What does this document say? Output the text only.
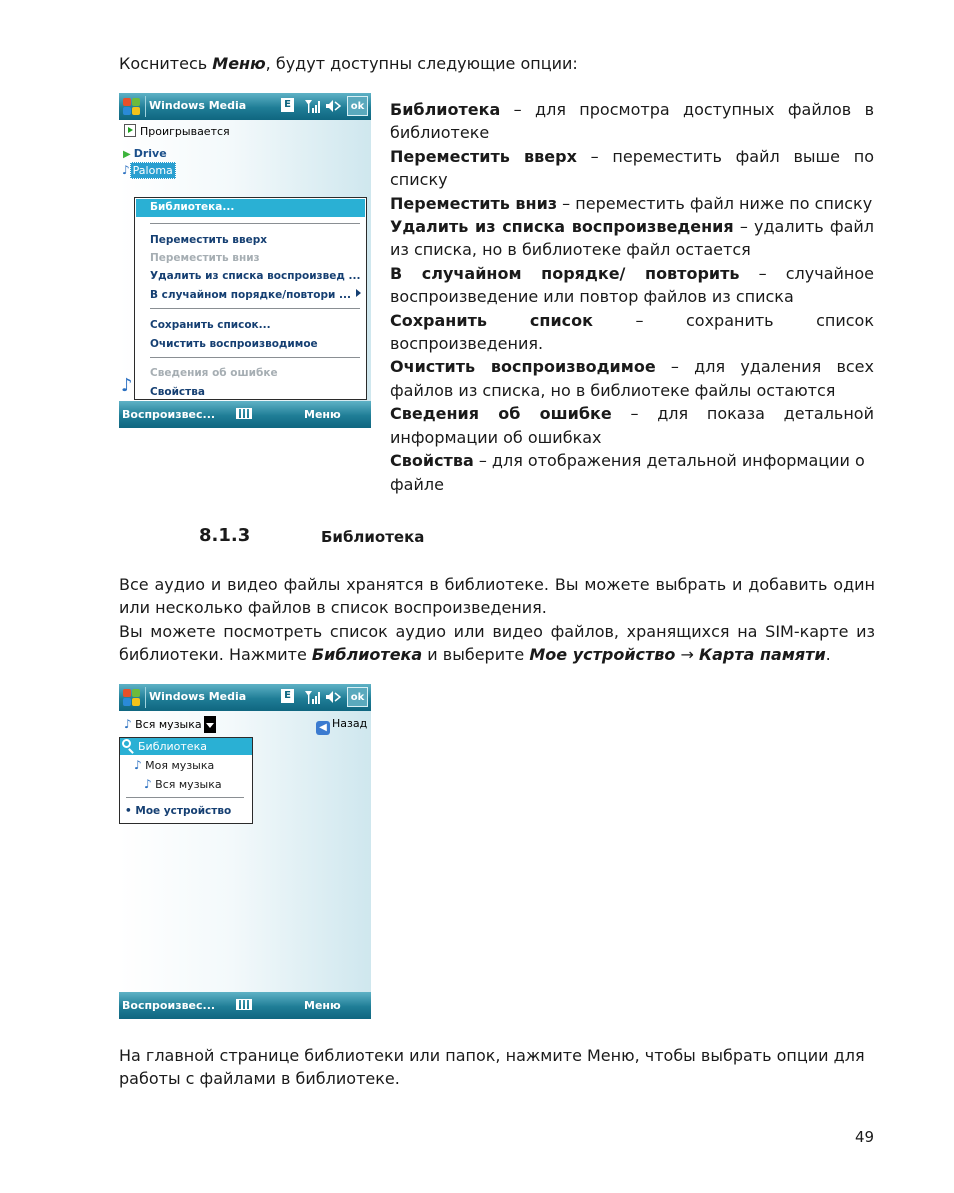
Коснитесь Меню, будут доступны следующие опции:
Windows Media	E	ok
Проигрывается
▶ Drive
♪ Paloma
Библиотека...
Переместить вверх
Переместить вниз
Удалить из списка воспроизвед ...
В случайном порядке/повтори ...
Сохранить список...
Очистить воспроизводимое
Сведения об ошибке
Свойства
♪
Воспроизвес...	Меню

Библиотека – для просмотра доступных файлов в библиотеке

Переместить вверх – переместить файл выше по списку

Переместить вниз – переместить файл ниже по списку

Удалить из списка воспроизведения – удалить файл из списка, но в библиотеке файл остается

В случайном порядке/ повторить – случайное воспроизведение или повтор файлов из списка

Сохранить список – сохранить список воспроизведения.

Очистить воспроизводимое – для удаления всех файлов из списка, но в библиотеке файлы остаются

Сведения об ошибке – для показа детальной информации об ошибках

Свойства – для отображения детальной информации о файле

8.1.3	Библиотека

Все аудио и видео файлы хранятся в библиотеке. Вы можете выбрать и добавить один или несколько файлов в список воспроизведения.

Вы можете посмотреть список аудио или видео файлов, хранящихся на SIM-карте из библиотеки. Нажмите Библиотека и выберите Мое устройство → Карта памяти.

Windows Media	E	ok
♪ Вся музыка	◀ Назад
Библиотека
♪ Моя музыка
♪ Вся музыка
• Мое устройство
Воспроизвес...	Меню
На главной странице библиотеки или папок, нажмите Меню, чтобы выбрать опции для работы с файлами в библиотеке.
49
